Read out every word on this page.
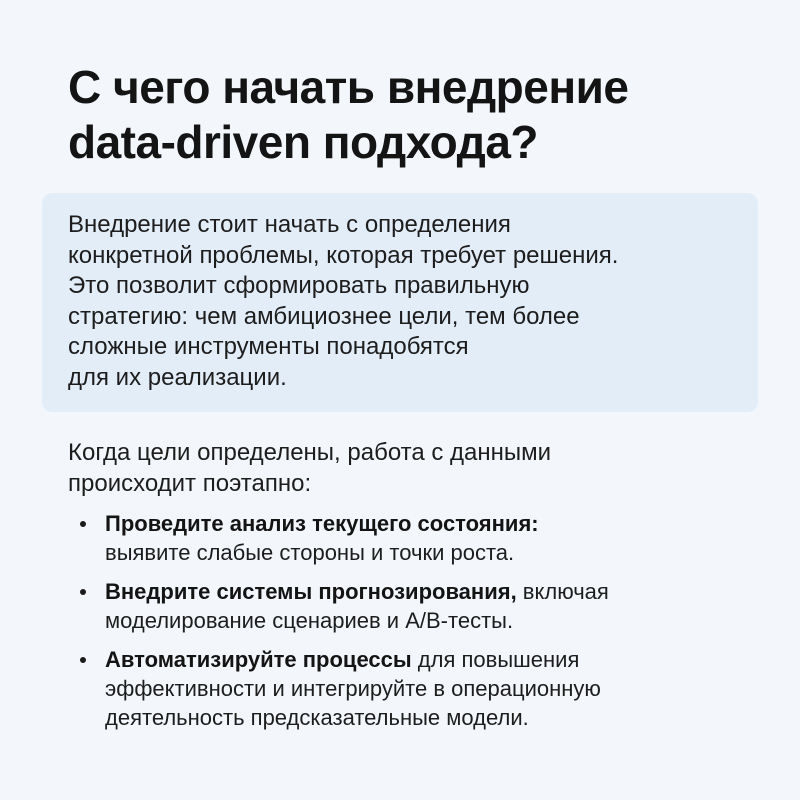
С чего начать внедрение
data-driven подхода?
Внедрение стоит начать с определения
конкретной проблемы, которая требует решения.
Это позволит сформировать правильную
стратегию: чем амбициознее цели, тем более
сложные инструменты понадобятся
для их реализации.

Когда цели определены, работа с данными
происходит поэтапно:

Проведите анализ текущего состояния:
выявите слабые стороны и точки роста.
Внедрите системы прогнозирования, включая
моделирование сценариев и A/B-тесты.
Автоматизируйте процессы для повышения
эффективности и интегрируйте в операционную
деятельность предсказательные модели.
